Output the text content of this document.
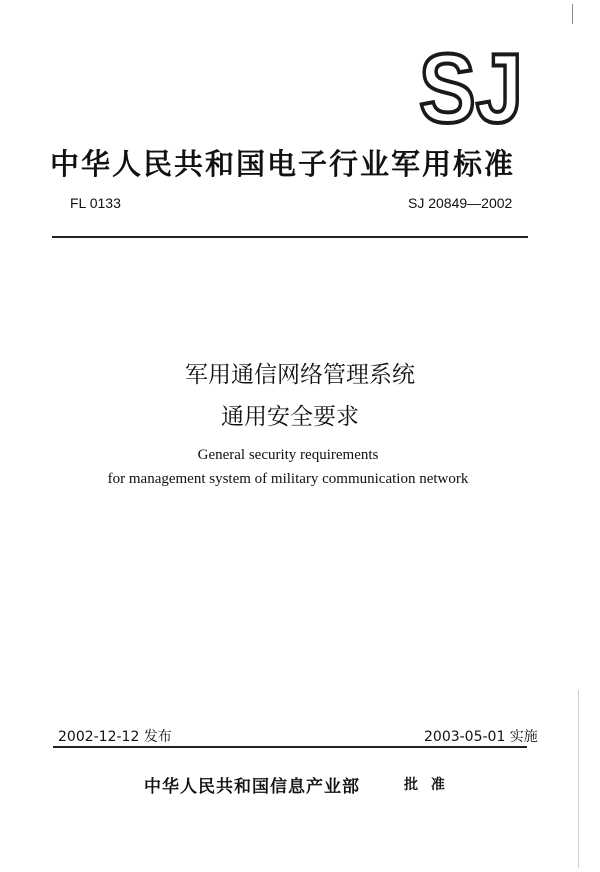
SJ
中华人民共和国电子行业军用标准
FL 0133	SJ 20849—2002
军用通信网络管理系统
通用安全要求
General security requirements
for management system of military communication network
2002-12-12 发布	2003-05-01 实施
中华人民共和国信息产业部	批 准
